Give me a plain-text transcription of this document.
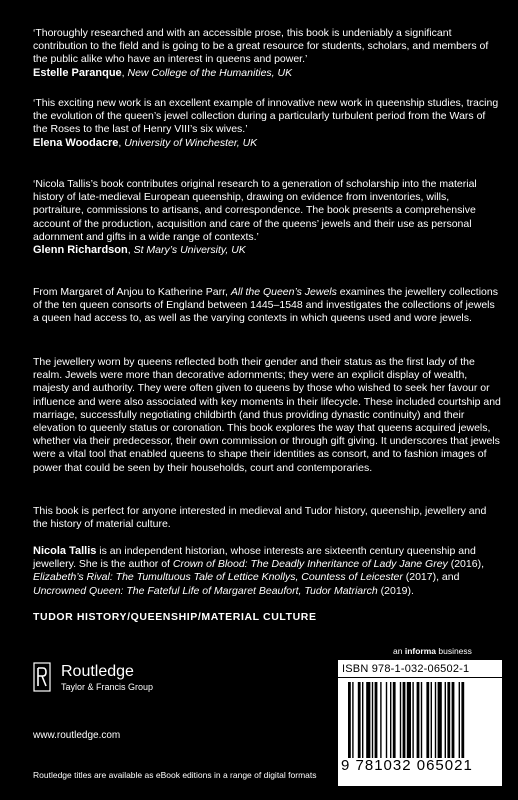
‘Thoroughly researched and with an accessible prose, this book is undeniably a significant contribution to the field and is going to be a great resource for students, scholars, and members of the public alike who have an interest in queens and power.’

Estelle Paranque, New College of the Humanities, UK

‘This exciting new work is an excellent example of innovative new work in queenship studies, tracing the evolution of the queen’s jewel collection during a particularly turbulent period from the Wars of the Roses to the last of Henry VIII’s six wives.’

Elena Woodacre, University of Winchester, UK

‘Nicola Tallis’s book contributes original research to a generation of scholarship into the material history of late-medieval European queenship, drawing on evidence from inventories, wills, portraiture, commissions to artisans, and correspondence. The book presents a comprehensive account of the production, acquisition and care of the queens’ jewels and their use as personal adornment and gifts in a wide range of contexts.’

Glenn Richardson, St Mary’s University, UK

From Margaret of Anjou to Katherine Parr, All the Queen’s Jewels examines the jewellery collections of the ten queen consorts of England between 1445–1548 and investigates the collections of jewels a queen had access to, as well as the varying contexts in which queens used and wore jewels.

The jewellery worn by queens reflected both their gender and their status as the first lady of the realm. Jewels were more than decorative adornments; they were an explicit display of wealth, majesty and authority. They were often given to queens by those who wished to seek her favour or influence and were also associated with key moments in their lifecycle. These included courtship and marriage, successfully negotiating childbirth (and thus providing dynastic continuity) and their elevation to queenly status or coronation. This book explores the way that queens acquired jewels, whether via their predecessor, their own commission or through gift giving. It underscores that jewels were a vital tool that enabled queens to shape their identities as consort, and to fashion images of power that could be seen by their households, court and contemporaries.

This book is perfect for anyone interested in medieval and Tudor history, queenship, jewellery and the history of material culture.

Nicola Tallis is an independent historian, whose interests are sixteenth century queenship and jewellery. She is the author of Crown of Blood: The Deadly Inheritance of Lady Jane Grey (2016), Elizabeth’s Rival: The Tumultuous Tale of Lettice Knollys, Countess of Leicester (2017), and Uncrowned Queen: The Fateful Life of Margaret Beaufort, Tudor Matriarch (2019).

TUDOR HISTORY/QUEENSHIP/MATERIAL CULTURE
an informa business
Routledge
Taylor & Francis Group
www.routledge.com
Routledge titles are available as eBook editions in a range of digital formats
ISBN 978-1-032-06502-1
9 781032 065021
